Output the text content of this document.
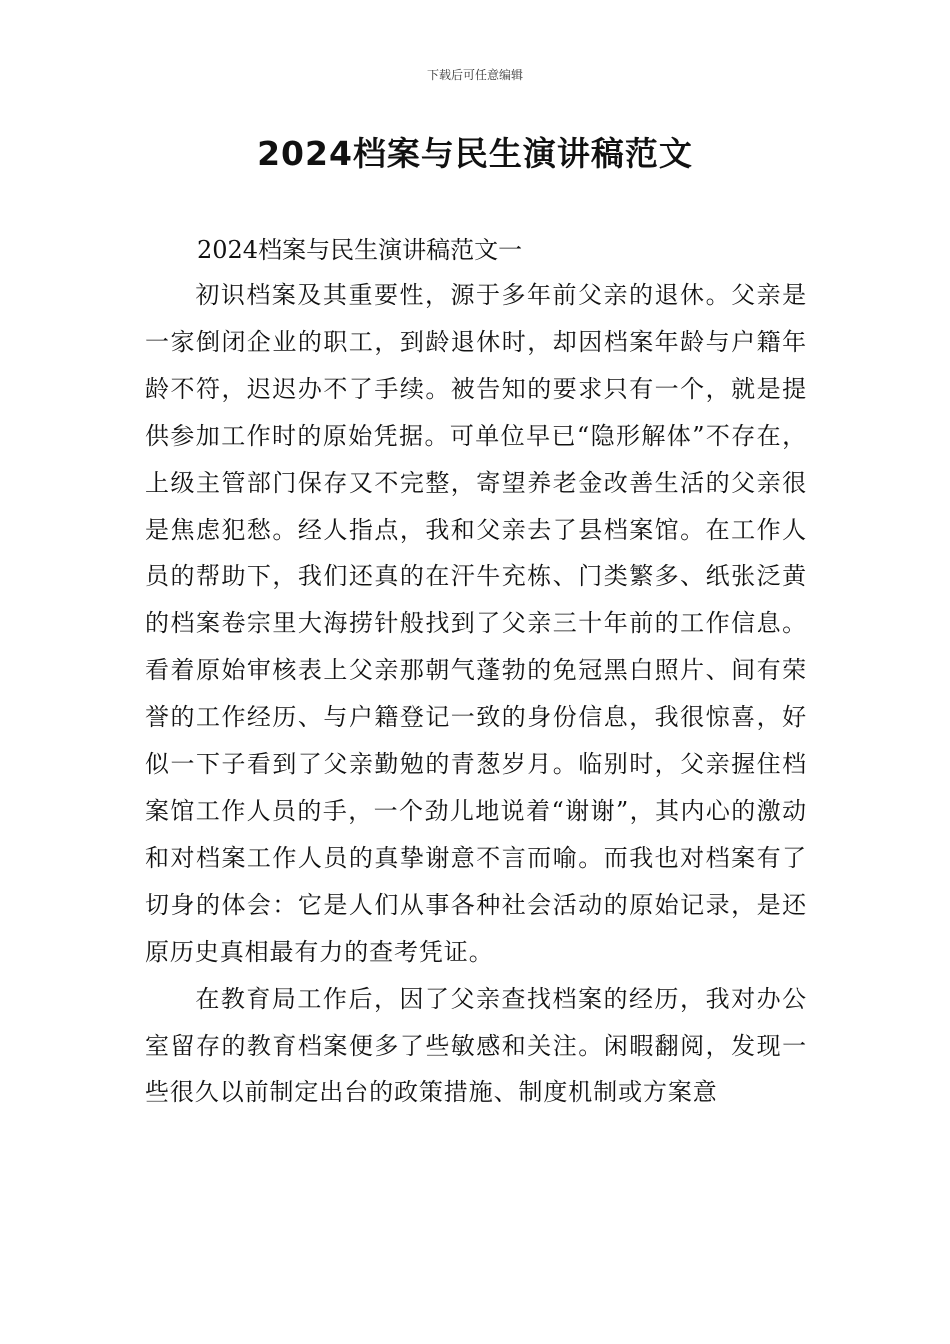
下载后可任意编辑
2024档案与民生演讲稿范文

2024档案与民生演讲稿范文一

初识档案及其重要性，源于多年前父亲的退休。父亲是一家倒闭企业的职工，到龄退休时，却因档案年龄与户籍年龄不符，迟迟办不了手续。被告知的要求只有一个，就是提供参加工作时的原始凭据。可单位早已“隐形解体”不存在，上级主管部门保存又不完整，寄望养老金改善生活的父亲很是焦虑犯愁。经人指点，我和父亲去了县档案馆。在工作人员的帮助下，我们还真的在汗牛充栋、门类繁多、纸张泛黄的档案卷宗里大海捞针般找到了父亲三十年前的工作信息。看着原始审核表上父亲那朝气蓬勃的免冠黑白照片、间有荣誉的工作经历、与户籍登记一致的身份信息，我很惊喜，好似一下子看到了父亲勤勉的青葱岁月。临别时，父亲握住档案馆工作人员的手，一个劲儿地说着“谢谢”，其内心的激动和对档案工作人员的真挚谢意不言而喻。而我也对档案有了切身的体会：它是人们从事各种社会活动的原始记录，是还原历史真相最有力的查考凭证。

在教育局工作后，因了父亲查找档案的经历，我对办公室留存的教育档案便多了些敏感和关注。闲暇翻阅，发现一些很久以前制定出台的政策措施、制度机制或方案意
